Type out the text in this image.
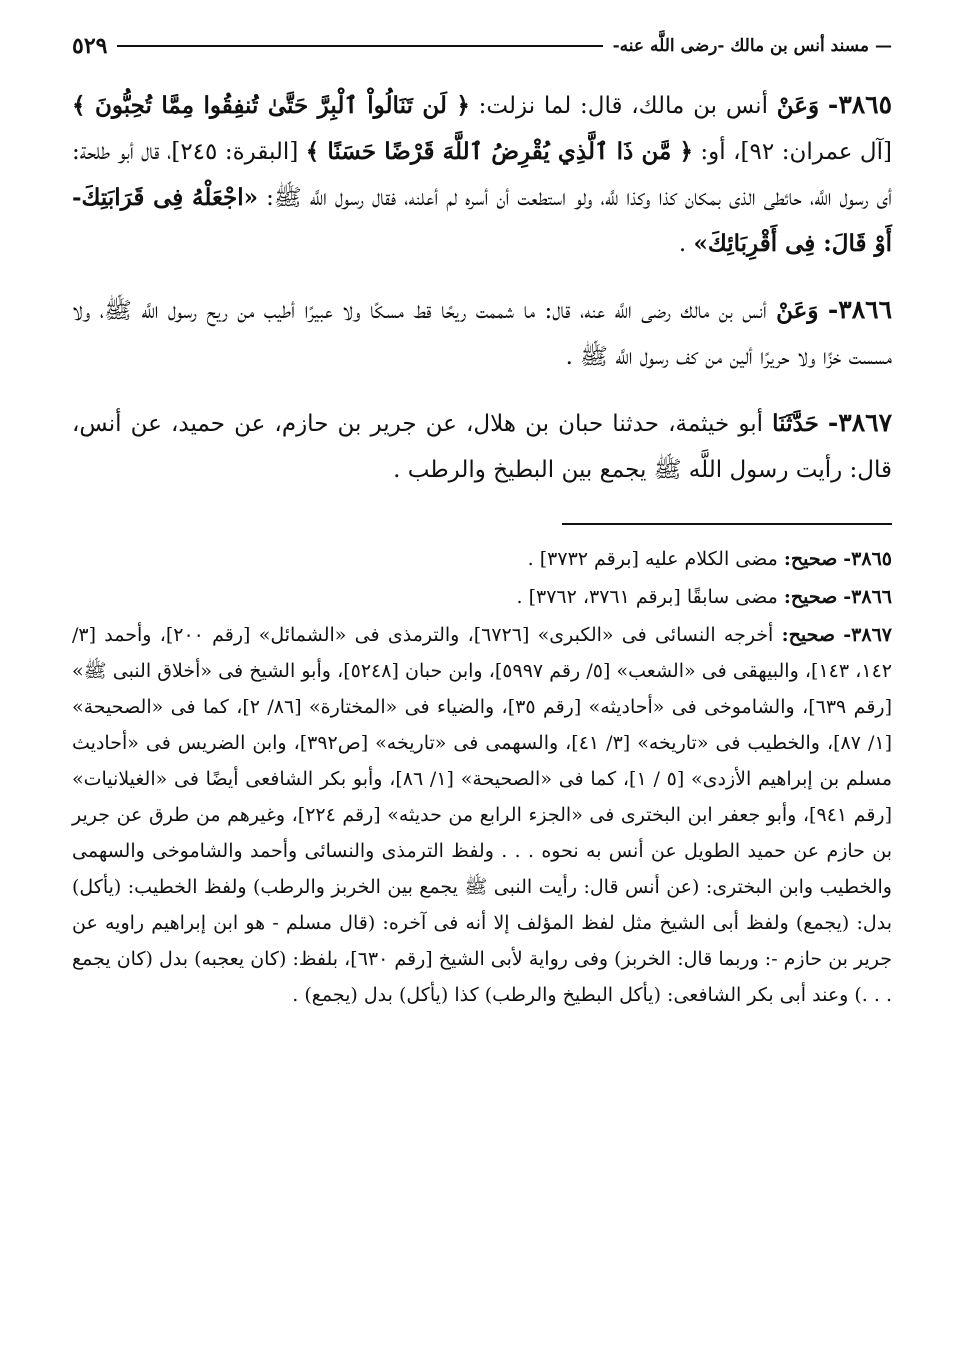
—
مسند أنس بن مالك -رضى اللَّه عنه-
٥٢٩

٣٨٦٥- وَعَنْ أنس بن مالك، قال: لما نزلت: ﴿ لَن تَنَالُواْ ٱلْبِرَّ حَتَّىٰ تُنفِقُوا مِمَّا تُحِبُّونَ ﴾ [آل عمران: ٩٢]، أو: ﴿ مَّن ذَا ٱلَّذِي يُقْرِضُ ٱللَّهَ قَرْضًا حَسَنًا ﴾ [البقرة: ٢٤٥]، قال أبو طلحة: أى رسول اللَّه، حائطى الذى بمكان كذا وكذا للَّه، ولو استطعت أن أسره لم أعلنه، فقال رسول اللَّه ﷺ: «اجْعَلْهُ فِى قَرَابَتِكَ- أَوْ قَالَ: فِى أَقْرِبَائِكَ» .

٣٨٦٦- وَعَنْ أنس بن مالك رضى اللَّه عنه، قال: ما شممت ريحًا قط مسكًا ولا عبيرًا أطيب من ريح رسول اللَّه ﷺ، ولا مسست خزًا ولا حريرًا ألين من كف رسول اللَّه ﷺ .

٣٨٦٧- حَدَّثَنَا أبو خيثمة، حدثنا حبان بن هلال، عن جرير بن حازم، عن حميد، عن أنس، قال: رأيت رسول اللَّه ﷺ يجمع بين البطيخ والرطب .

٣٨٦٥- صحيح: مضى الكلام عليه [برقم ٣٧٣٢] .

٣٨٦٦- صحيح: مضى سابقًا [برقم ٣٧٦١، ٣٧٦٢] .

٣٨٦٧- صحيح: أخرجه النسائى فى «الكبرى» [٦٧٢٦]، والترمذى فى «الشمائل» [رقم ٢٠٠]، وأحمد [٣/ ١٤٢، ١٤٣]، والبيهقى فى «الشعب» [٥/ رقم ٥٩٩٧]، وابن حبان [٥٢٤٨]، وأبو الشيخ فى «أخلاق النبى ﷺ» [رقم ٦٣٩]، والشاموخى فى «أحاديثه» [رقم ٣٥]، والضياء فى «المختارة» [٨٦/ ٢]، كما فى «الصحيحة» [١/ ٨٧]، والخطيب فى «تاريخه» [٣/ ٤١]، والسهمى فى «تاريخه» [ص٣٩٢]، وابن الضريس فى «أحاديث مسلم بن إبراهيم الأزدى» [٥ / ١]، كما فى «الصحيحة» [١/ ٨٦]، وأبو بكر الشافعى أيضًا فى «الغيلانيات» [رقم ٩٤١]، وأبو جعفر ابن البخترى فى «الجزء الرابع من حديثه» [رقم ٢٢٤]، وغيرهم من طرق عن جرير بن حازم عن حميد الطويل عن أنس به نحوه . . . ولفظ الترمذى والنسائى وأحمد والشاموخى والسهمى والخطيب وابن البخترى: (عن أنس قال: رأيت النبى ﷺ يجمع بين الخربز والرطب) ولفظ الخطيب: (يأكل) بدل: (يجمع) ولفظ أبى الشيخ مثل لفظ المؤلف إلا أنه فى آخره: (قال مسلم - هو ابن إبراهيم راويه عن جرير بن حازم -: وربما قال: الخربز) وفى رواية لأبى الشيخ [رقم ٦٣٠]، بلفظ: (كان يعجبه) بدل (كان يجمع . . .) وعند أبى بكر الشافعى: (يأكل البطيخ والرطب) كذا (يأكل) بدل (يجمع) .
